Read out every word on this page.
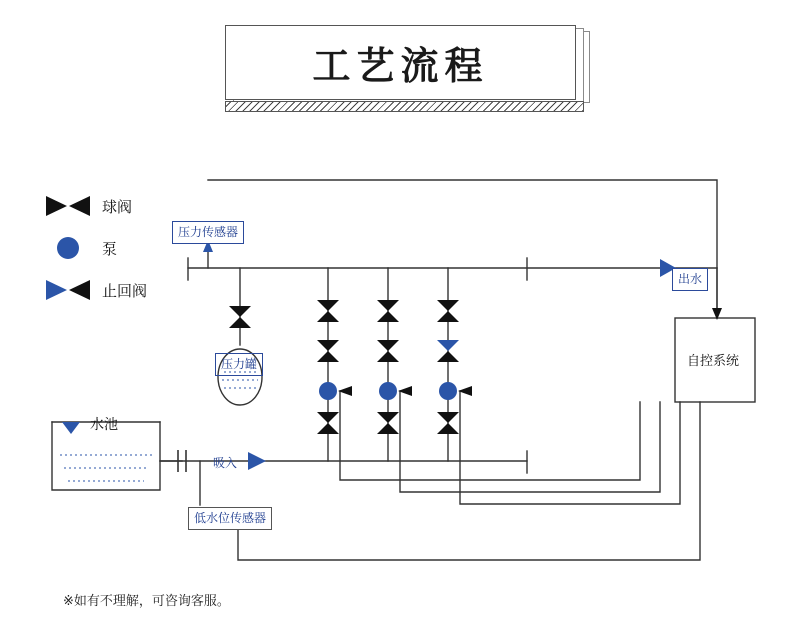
工艺流程
球阀
泵
止回阀
压力传感器
压力罐
出水
自控系统
吸入
低水位传感器
水池
※如有不理解，可咨询客服。
